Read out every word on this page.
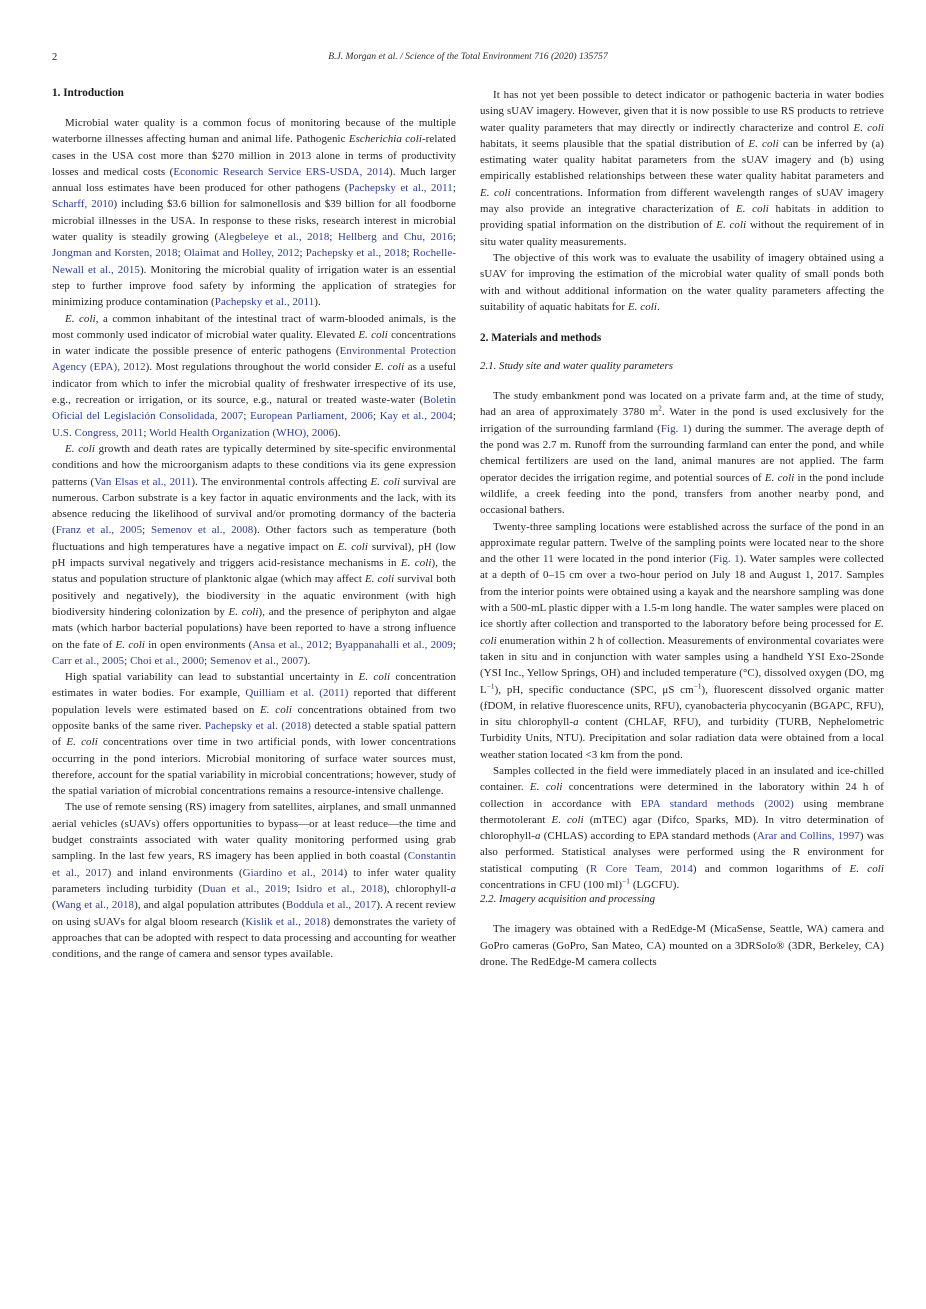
2	B.J. Morgan et al. / Science of the Total Environment 716 (2020) 135757
1. Introduction

Microbial water quality is a common focus of monitoring because of the multiple waterborne illnesses affecting human and animal life. Pathogenic Escherichia coli-related cases in the USA cost more than $270 million in 2013 alone in terms of productivity losses and medical costs (Economic Research Service ERS-USDA, 2014). Much larger annual loss estimates have been produced for other pathogens (Pachepsky et al., 2011; Scharff, 2010) including $3.6 billion for salmonellosis and $39 billion for all foodborne microbial illnesses in the USA. In response to these risks, research interest in microbial water quality is steadily growing (Alegbeleye et al., 2018; Hellberg and Chu, 2016; Jongman and Korsten, 2018; Olaimat and Holley, 2012; Pachepsky et al., 2018; Rochelle-Newall et al., 2015). Monitoring the microbial quality of irrigation water is an essential step to further improve food safety by informing the application of strategies for minimizing produce contamination (Pachepsky et al., 2011).

E. coli, a common inhabitant of the intestinal tract of warm-blooded animals, is the most commonly used indicator of microbial water quality. Elevated E. coli concentrations in water indicate the possible presence of enteric pathogens (Environmental Protection Agency (EPA), 2012). Most regulations throughout the world consider E. coli as a useful indicator from which to infer the microbial quality of freshwater irrespective of its use, e.g., recreation or irrigation, or its source, e.g., natural or treated waste-water (Boletin Oficial del Legislación Consolidada, 2007; European Parliament, 2006; Kay et al., 2004; U.S. Congress, 2011; World Health Organization (WHO), 2006).

E. coli growth and death rates are typically determined by site-specific environmental conditions and how the microorganism adapts to these conditions via its gene expression patterns (Van Elsas et al., 2011). The environmental controls affecting E. coli survival are numerous. Carbon substrate is a key factor in aquatic environments and the lack, with its absence reducing the likelihood of survival and/or promoting dormancy of the bacteria (Franz et al., 2005; Semenov et al., 2008). Other factors such as temperature (both fluctuations and high temperatures have a negative impact on E. coli survival), pH (low pH impacts survival negatively and triggers acid-resistance mechanisms in E. coli), the status and population structure of planktonic algae (which may affect E. coli survival both positively and negatively), the biodiversity in the aquatic environment (with high biodiversity hindering colonization by E. coli), and the presence of periphyton and algae mats (which harbor bacterial populations) have been reported to have a strong influence on the fate of E. coli in open environments (Ansa et al., 2012; Byappanahalli et al., 2009; Carr et al., 2005; Choi et al., 2000; Semenov et al., 2007).

High spatial variability can lead to substantial uncertainty in E. coli concentration estimates in water bodies. For example, Quilliam et al. (2011) reported that different population levels were estimated based on E. coli concentrations obtained from two opposite banks of the same river. Pachepsky et al. (2018) detected a stable spatial pattern of E. coli concentrations over time in two artificial ponds, with lower concentrations occurring in the pond interiors. Microbial monitoring of surface water sources must, therefore, account for the spatial variability in microbial concentrations; however, study of the spatial variation of microbial concentrations remains a resource-intensive challenge.

The use of remote sensing (RS) imagery from satellites, airplanes, and small unmanned aerial vehicles (sUAVs) offers opportunities to bypass—or at least reduce—the time and budget constraints associated with water quality monitoring performed using grab sampling. In the last few years, RS imagery has been applied in both coastal (Constantin et al., 2017) and inland environments (Giardino et al., 2014) to infer water quality parameters including turbidity (Duan et al., 2019; Isidro et al., 2018), chlorophyll-a (Wang et al., 2018), and algal population attributes (Boddula et al., 2017). A recent review on using sUAVs for algal bloom research (Kislik et al., 2018) demonstrates the variety of approaches that can be adopted with respect to data processing and accounting for weather conditions, and the range of camera and sensor types available.

It has not yet been possible to detect indicator or pathogenic bacteria in water bodies using sUAV imagery. However, given that it is now possible to use RS products to retrieve water quality parameters that may directly or indirectly characterize and control E. coli habitats, it seems plausible that the spatial distribution of E. coli can be inferred by (a) estimating water quality habitat parameters from the sUAV imagery and (b) using empirically established relationships between these water quality habitat parameters and E. coli concentrations. Information from different wavelength ranges of sUAV imagery may also provide an integrative characterization of E. coli habitats in addition to providing spatial information on the distribution of E. coli without the requirement of in situ water quality measurements.

The objective of this work was to evaluate the usability of imagery obtained using a sUAV for improving the estimation of the microbial water quality of small ponds both with and without additional information on the water quality parameters affecting the suitability of aquatic habitats for E. coli.

2. Materials and methods
2.1. Study site and water quality parameters

The study embankment pond was located on a private farm and, at the time of study, had an area of approximately 3780 $m^2$. Water in the pond is used exclusively for the irrigation of the surrounding farmland (Fig. 1) during the summer. The average depth of the pond was 2.7 m. Runoff from the surrounding farmland can enter the pond, and while chemical fertilizers are used on the land, animal manures are not applied. The farm operator decides the irrigation regime, and potential sources of E. coli in the pond include wildlife, a creek feeding into the pond, transfers from another nearby pond, and occasional bathers.

Twenty-three sampling locations were established across the surface of the pond in an approximate regular pattern. Twelve of the sampling points were located near to the shore and the other 11 were located in the pond interior (Fig. 1). Water samples were collected at a depth of 0–15 cm over a two-hour period on July 18 and August 1, 2017. Samples from the interior points were obtained using a kayak and the nearshore sampling was done with a 500-mL plastic dipper with a 1.5-m long handle. The water samples were placed on ice shortly after collection and transported to the laboratory before being processed for E. coli enumeration within 2 h of collection. Measurements of environmental covariates were taken in situ and in conjunction with water samples using a handheld YSI Exo-2Sonde (YSI Inc., Yellow Springs, OH) and included temperature (°C), dissolved oxygen (DO, mg $L^{-1}$), pH, specific conductance (SPC, μS $cm^{-1}$), fluorescent dissolved organic matter (fDOM, in relative fluorescence units, RFU), cyanobacteria phycocyanin (BGAPC, RFU), in situ chlorophyll-a content (CHLAF, RFU), and turbidity (TURB, Nephelometric Turbidity Units, NTU). Precipitation and solar radiation data were obtained from a local weather station located <3 km from the pond.

Samples collected in the field were immediately placed in an insulated and ice-chilled container. E. coli concentrations were determined in the laboratory within 24 h of collection in accordance with EPA standard methods (2002) using membrane thermotolerant E. coli (mTEC) agar (Difco, Sparks, MD). In vitro determination of chlorophyll-a (CHLAS) according to EPA standard methods (Arar and Collins, 1997) was also performed. Statistical analyses were performed using the R environment for statistical computing (R Core Team, 2014) and common logarithms of E. coli concentrations in CFU (100 ml)$^{-1}$ (LGCFU).

2.2. Imagery acquisition and processing

The imagery was obtained with a RedEdge-M (MicaSense, Seattle, WA) camera and GoPro cameras (GoPro, San Mateo, CA) mounted on a 3DRSolo® (3DR, Berkeley, CA) drone. The RedEdge-M camera collects
